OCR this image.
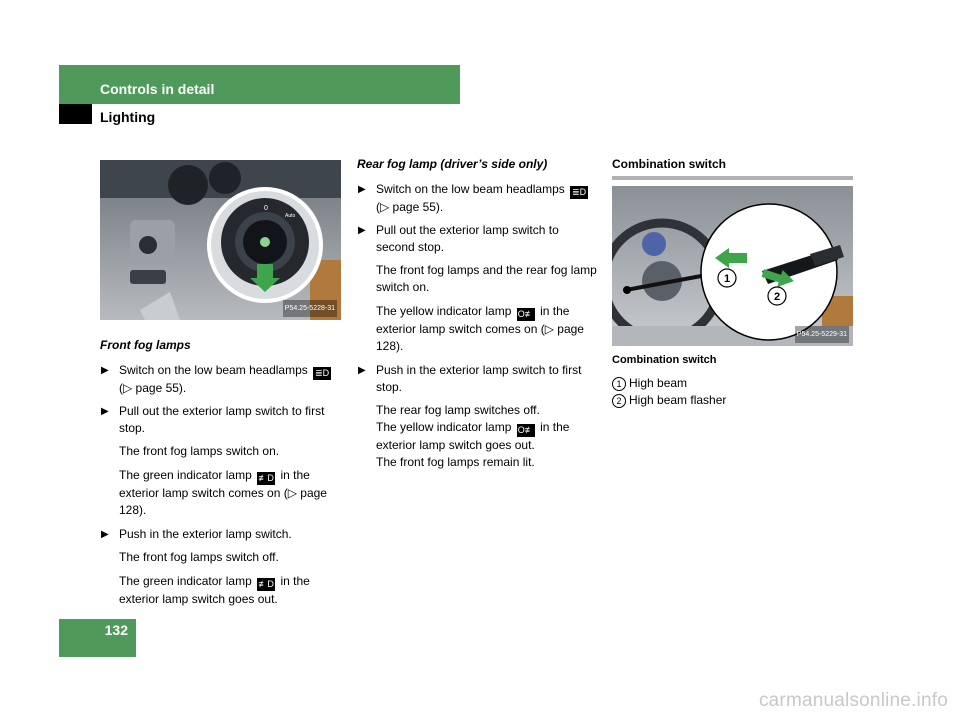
Controls in detail
Lighting
0
Auto
P54.25-5228-31

Front fog lamps

▶ Switch on the low beam headlamps ≣D (▷ page 55).
▶ Pull out the exterior lamp switch to first stop.

The front fog lamps switch on.

The green indicator lamp ≢D in the exterior lamp switch comes on (▷ page 128).

▶ Push in the exterior lamp switch.

The front fog lamps switch off.

The green indicator lamp ≢D in the exterior lamp switch goes out.

Rear fog lamp (driver’s side only)

▶ Switch on the low beam headlamps ≣D (▷ page 55).
▶ Pull out the exterior lamp switch to second stop.

The front fog lamps and the rear fog lamp switch on.

The yellow indicator lamp O≢ in the exterior lamp switch comes on (▷ page 128).

▶ Push in the exterior lamp switch to first stop.

The rear fog lamp switches off.

The yellow indicator lamp O≢ in the exterior lamp switch goes out.

The front fog lamps remain lit.

Combination switch

1
2
P54.25-5229-31

Combination switch

1 High beam

2 High beam flasher

132
carmanualsonline.info
